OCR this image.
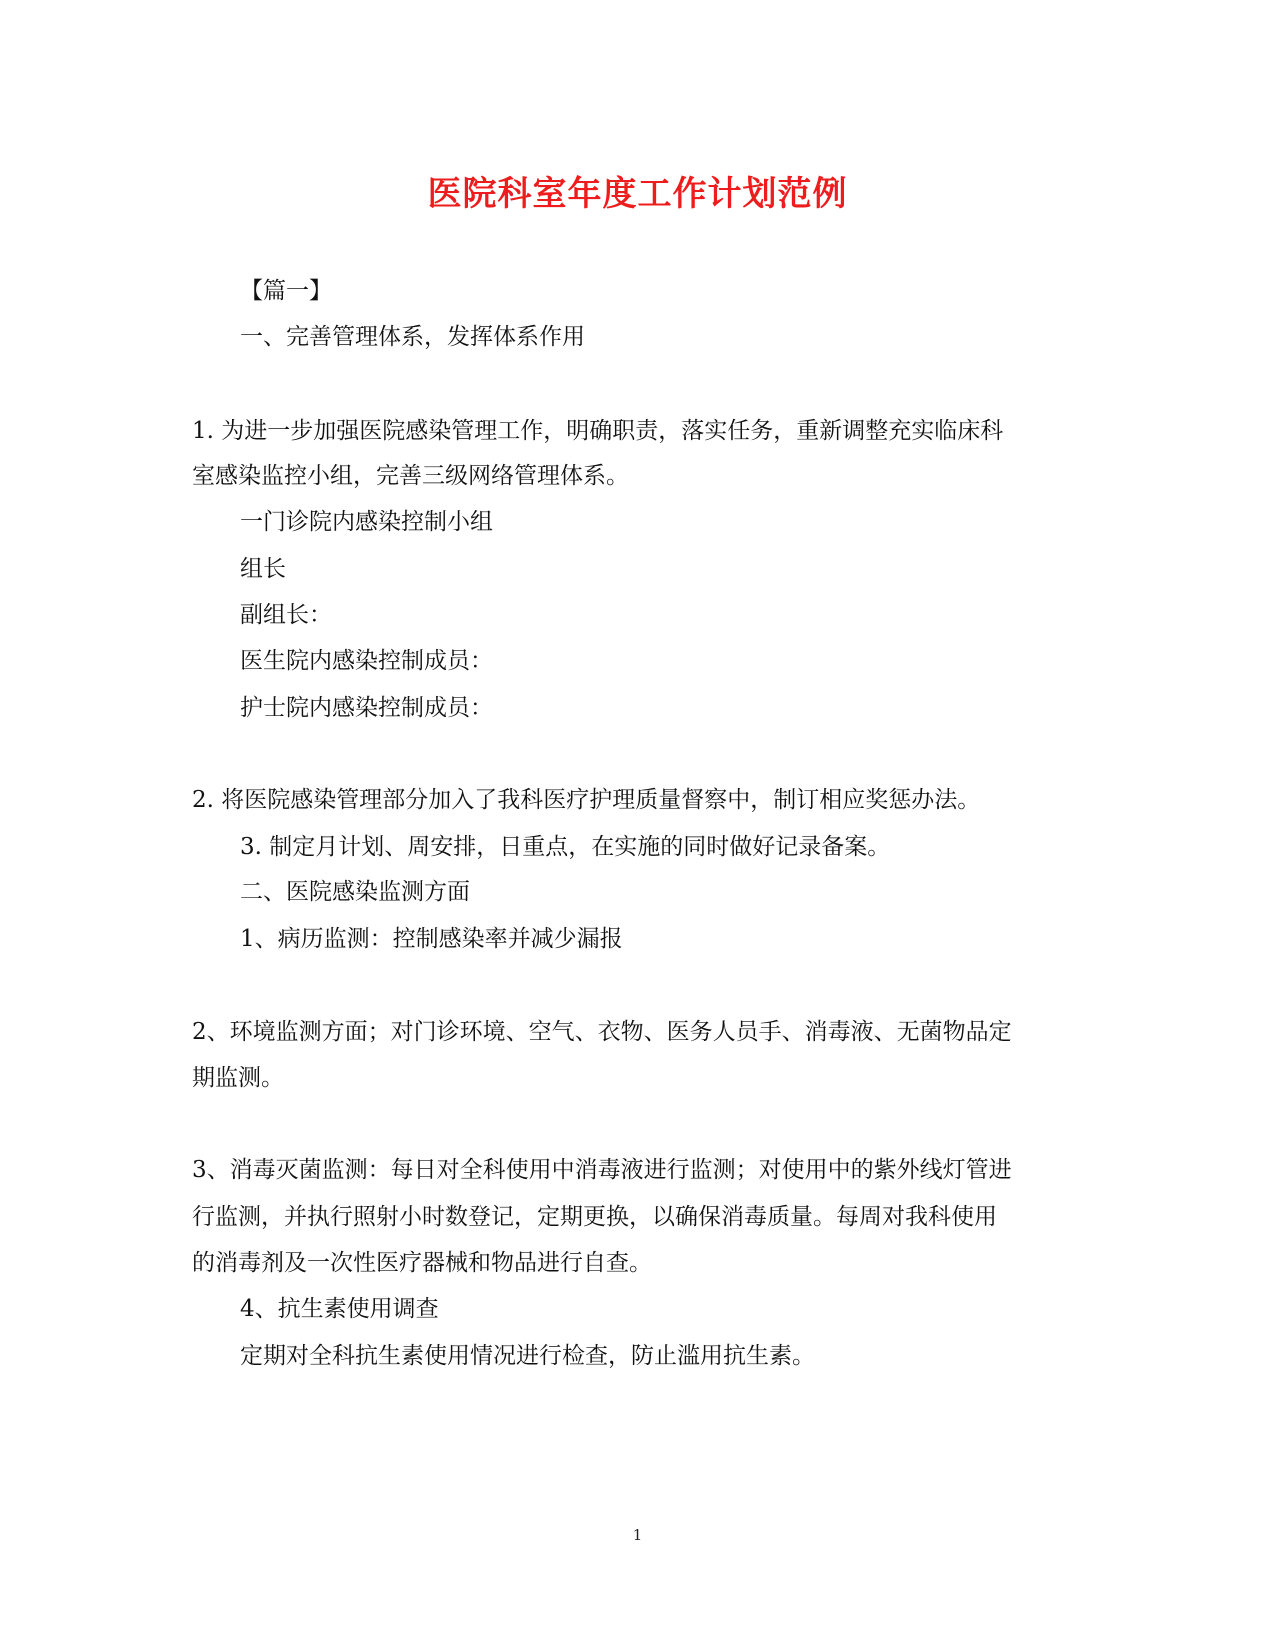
医院科室年度工作计划范例
【篇一】
一、完善管理体系，发挥体系作用
1. 为进一步加强医院感染管理工作，明确职责，落实任务，重新调整充实临床科
室感染监控小组，完善三级网络管理体系。
一门诊院内感染控制小组
组长
副组长：
医生院内感染控制成员：
护士院内感染控制成员：
2. 将医院感染管理部分加入了我科医疗护理质量督察中，制订相应奖惩办法。
3. 制定月计划、周安排，日重点，在实施的同时做好记录备案。
二、医院感染监测方面
1、病历监测：控制感染率并减少漏报
2、环境监测方面；对门诊环境、空气、衣物、医务人员手、消毒液、无菌物品定
期监测。
3、消毒灭菌监测：每日对全科使用中消毒液进行监测；对使用中的紫外线灯管进
行监测，并执行照射小时数登记，定期更换，以确保消毒质量。每周对我科使用
的消毒剂及一次性医疗器械和物品进行自查。
4、抗生素使用调查
定期对全科抗生素使用情况进行检查，防止滥用抗生素。
1
